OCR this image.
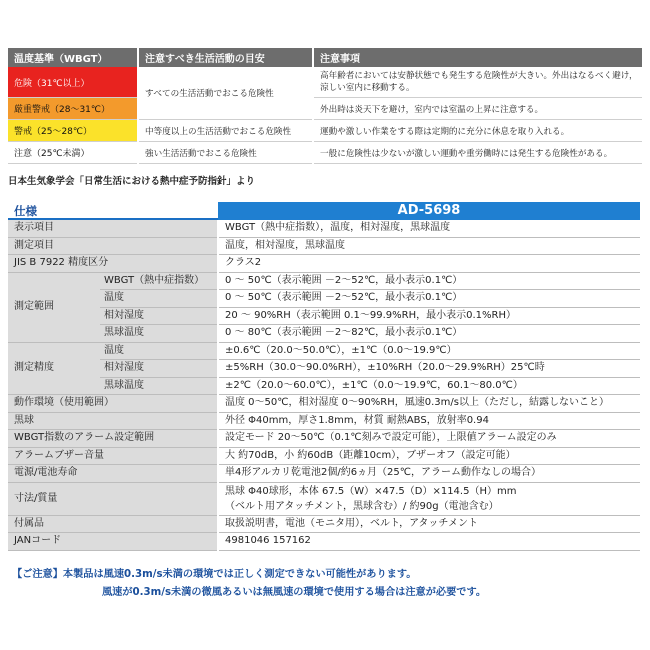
温度基準（WBGT）	注意すべき生活活動の目安	注意事項
危険（31℃以上）	すべての生活活動でおこる危険性	高年齢者においては安静状態でも発生する危険性が大きい。外出はなるべく避け，涼しい室内に移動する。
厳重警戒（28～31℃）		外出時は炎天下を避け，室内では室温の上昇に注意する。
警戒（25～28℃）	中等度以上の生活活動でおこる危険性	運動や激しい作業をする際は定期的に充分に休息を取り入れる。
注意（25℃未満）	強い生活活動でおこる危険性	一般に危険性は少ないが激しい運動や重労働時には発生する危険性がある。
日本生気象学会「日常生活における熱中症予防指針」より
仕様	AD-5698
表示項目		WBGT（熱中症指数），温度，相対湿度，黒球温度
測定項目		温度，相対湿度，黒球温度
JIS B 7922 精度区分		クラス2
測定範囲	WBGT（熱中症指数）	0 ～ 50℃（表示範囲 －2～52℃，最小表示0.1℃）
	温度	0 ～ 50℃（表示範囲 －2～52℃，最小表示0.1℃）
	相対湿度	20 ～ 90%RH（表示範囲 0.1～99.9%RH，最小表示0.1%RH）
	黒球温度	0 ～ 80℃（表示範囲 －2～82℃，最小表示0.1℃）
測定精度	温度	±0.6℃（20.0～50.0℃），±1℃（0.0～19.9℃）
	相対湿度	±5%RH（30.0～90.0%RH），±10%RH（20.0～29.9%RH）25℃時
	黒球温度	±2℃（20.0～60.0℃），±1℃（0.0～19.9℃，60.1～80.0℃）
動作環境（使用範囲）		温度 0～50℃，相対湿度 0～90%RH，風速0.3m/s以上（ただし，結露しないこと）
黒球		外径 Φ40mm，厚さ1.8mm，材質 耐熱ABS，放射率0.94
WBGT指数のアラーム設定範囲		設定モード 20～50℃（0.1℃刻みで設定可能），上限値アラーム設定のみ
アラームブザー音量		大 約70dB，小 約60dB（距離10cm），ブザーオフ（設定可能）
電源/電池寿命		単4形アルカリ乾電池2個/約6ヵ月（25℃，アラーム動作なしの場合）
寸法/質量		黒球 Φ40球形，本体 67.5（W）×47.5（D）×114.5（H）mm
（ベルト用アタッチメント，黒球含む）/ 約90g（電池含む）

付属品		取扱説明書，電池（モニタ用），ベルト，アタッチメント
JANコード		4981046 157162
【ご注意】本製品は風速0.3m/s未満の環境では正しく測定できない可能性があります。
風速が0.3m/s未満の微風あるいは無風速の環境で使用する場合は注意が必要です。
